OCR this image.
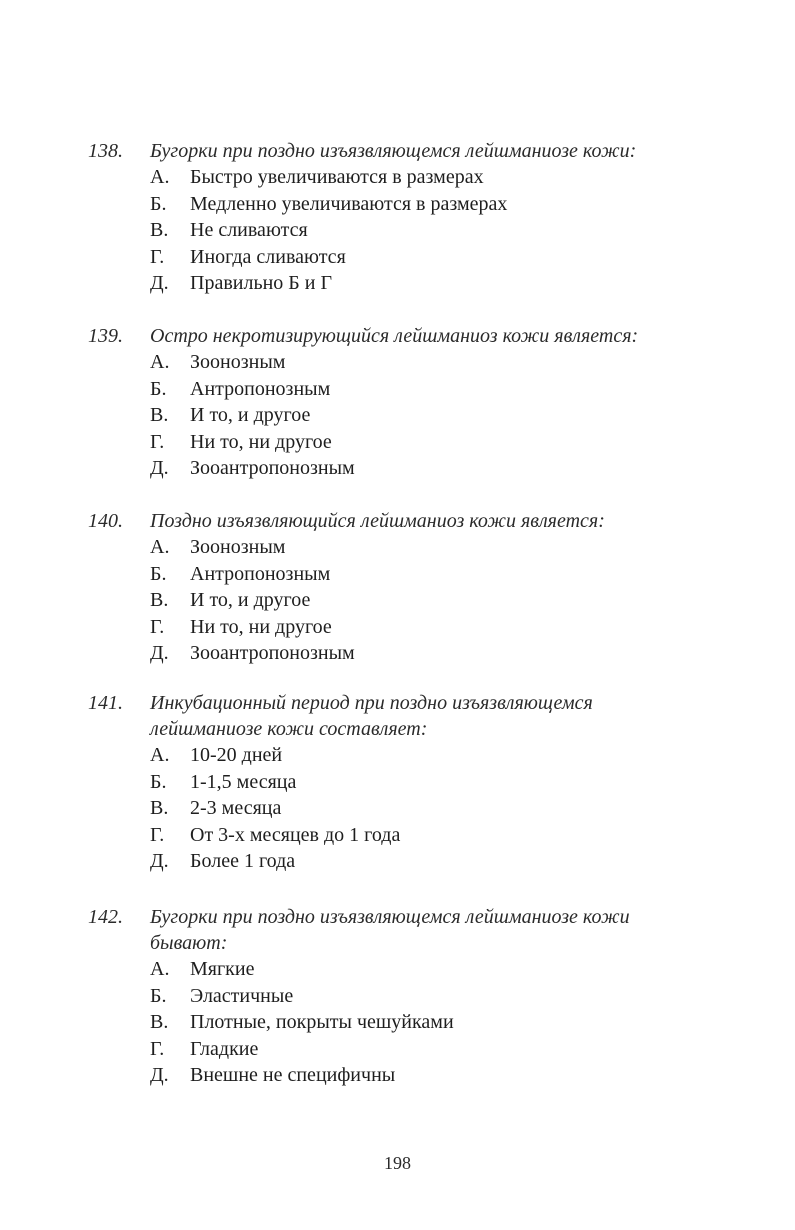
138.	Бугорки при поздно изъязвляющемся лейшманиозе кожи:
А.	Быстро увеличиваются в размерах
Б.	Медленно увеличиваются в размерах
В.	Не сливаются
Г.	Иногда сливаются
Д.	Правильно Б и Г
139.	Остро некротизирующийся лейшманиоз кожи является:
А.	Зоонозным
Б.	Антропонозным
В.	И то, и другое
Г.	Ни то, ни другое
Д.	Зооантропонозным
140.	Поздно изъязвляющийся лейшманиоз кожи является:
А.	Зоонозным
Б.	Антропонозным
В.	И то, и другое
Г.	Ни то, ни другое
Д.	Зооантропонозным
141.	Инкубационный период при поздно изъязвляющемся
лейшманиозе кожи составляет:
А.	10-20 дней
Б.	1-1,5 месяца
В.	2-3 месяца
Г.	От 3-х месяцев до 1 года
Д.	Более 1 года
142.	Бугорки при поздно изъязвляющемся лейшманиозе кожи
бывают:
А.	Мягкие
Б.	Эластичные
В.	Плотные, покрыты чешуйками
Г.	Гладкие
Д.	Внешне не специфичны
198
